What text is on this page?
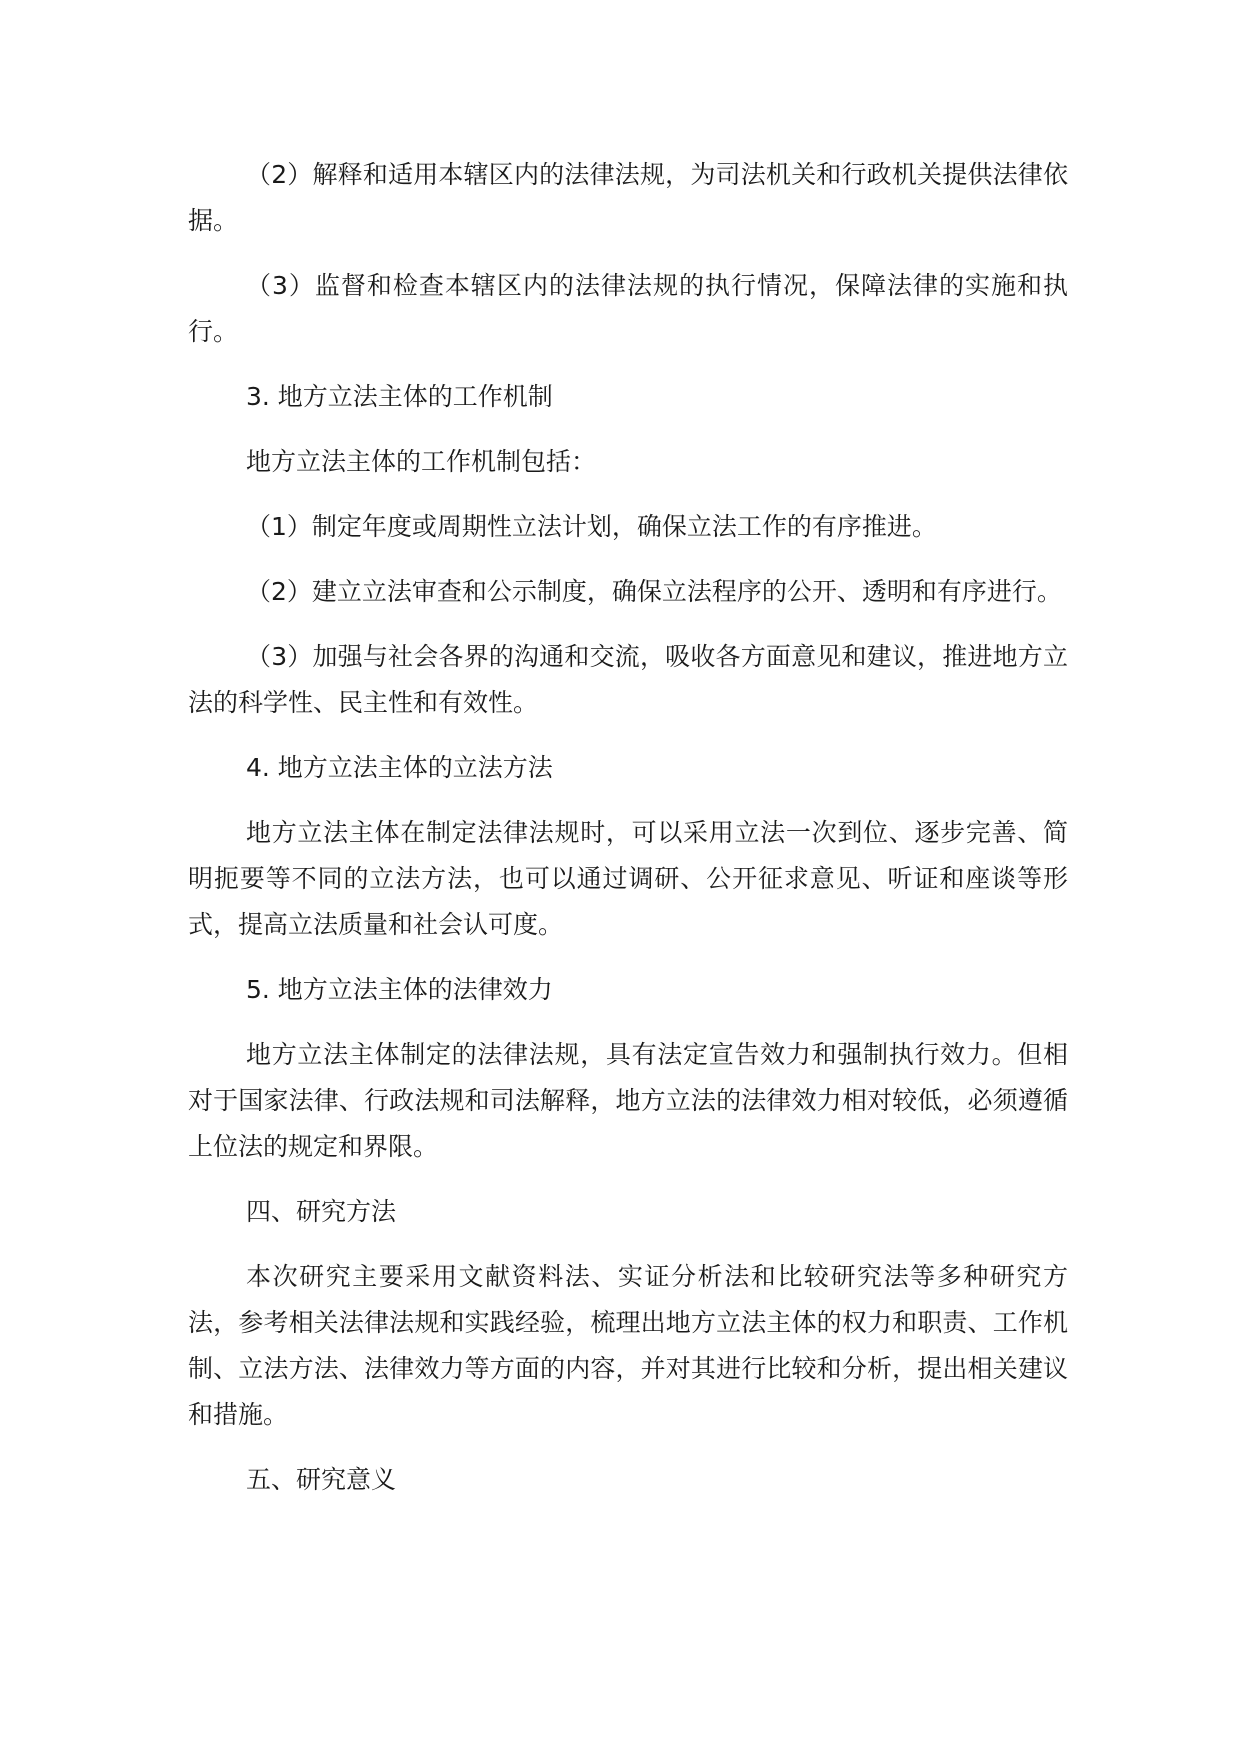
（2）解释和适用本辖区内的法律法规，为司法机关和行政机关提供法律依据。

（3）监督和检查本辖区内的法律法规的执行情况，保障法律的实施和执行。

3. 地方立法主体的工作机制

地方立法主体的工作机制包括：

（1）制定年度或周期性立法计划，确保立法工作的有序推进。

（2）建立立法审查和公示制度，确保立法程序的公开、透明和有序进行。

（3）加强与社会各界的沟通和交流，吸收各方面意见和建议，推进地方立法的科学性、民主性和有效性。

4. 地方立法主体的立法方法

地方立法主体在制定法律法规时，可以采用立法一次到位、逐步完善、简明扼要等不同的立法方法，也可以通过调研、公开征求意见、听证和座谈等形式，提高立法质量和社会认可度。

5. 地方立法主体的法律效力

地方立法主体制定的法律法规，具有法定宣告效力和强制执行效力。但相对于国家法律、行政法规和司法解释，地方立法的法律效力相对较低，必须遵循上位法的规定和界限。

四、研究方法

本次研究主要采用文献资料法、实证分析法和比较研究法等多种研究方法，参考相关法律法规和实践经验，梳理出地方立法主体的权力和职责、工作机制、立法方法、法律效力等方面的内容，并对其进行比较和分析，提出相关建议和措施。

五、研究意义
